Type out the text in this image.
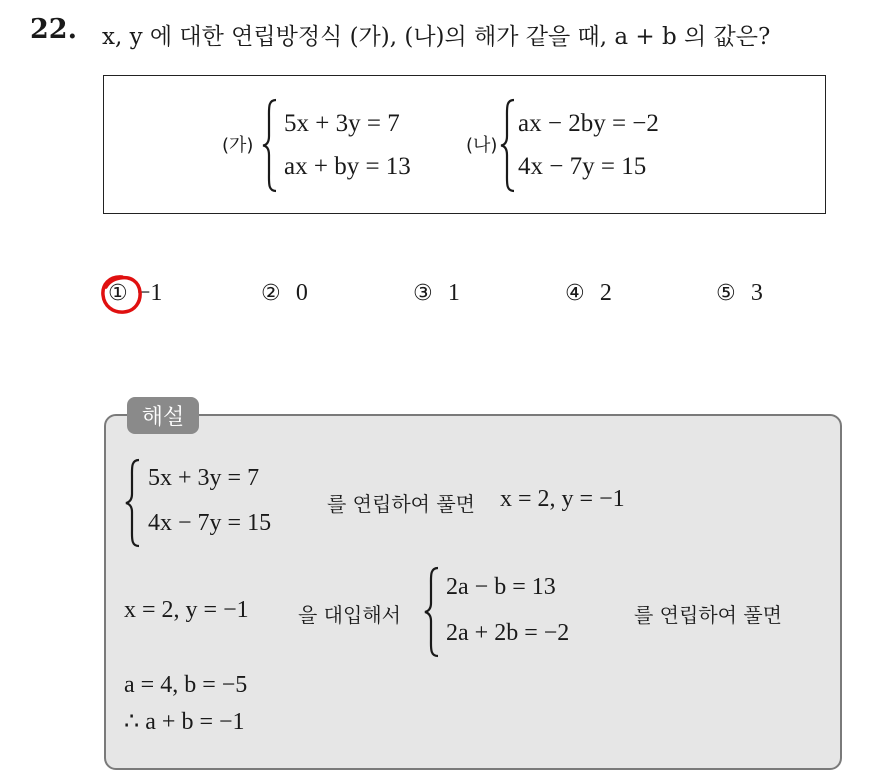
22. x, y 에 대한 연립방정식 (가), (나)의 해가 같을 때, a + b 의 값은?
(가)
5x + 3y = 7
ax + by = 13
(나)
ax − 2by = −2
4x − 7y = 15
① −1	② 0	③ 1	④ 2	⑤ 3
해설
5x + 3y = 7
4x − 7y = 15
를 연립하여 풀면 x = 2, y = −1
x = 2, y = −1 을 대입해서
2a − b = 13
2a + 2b = −2
를 연립하여 풀면
a = 4, b = −5
∴ a + b = −1
